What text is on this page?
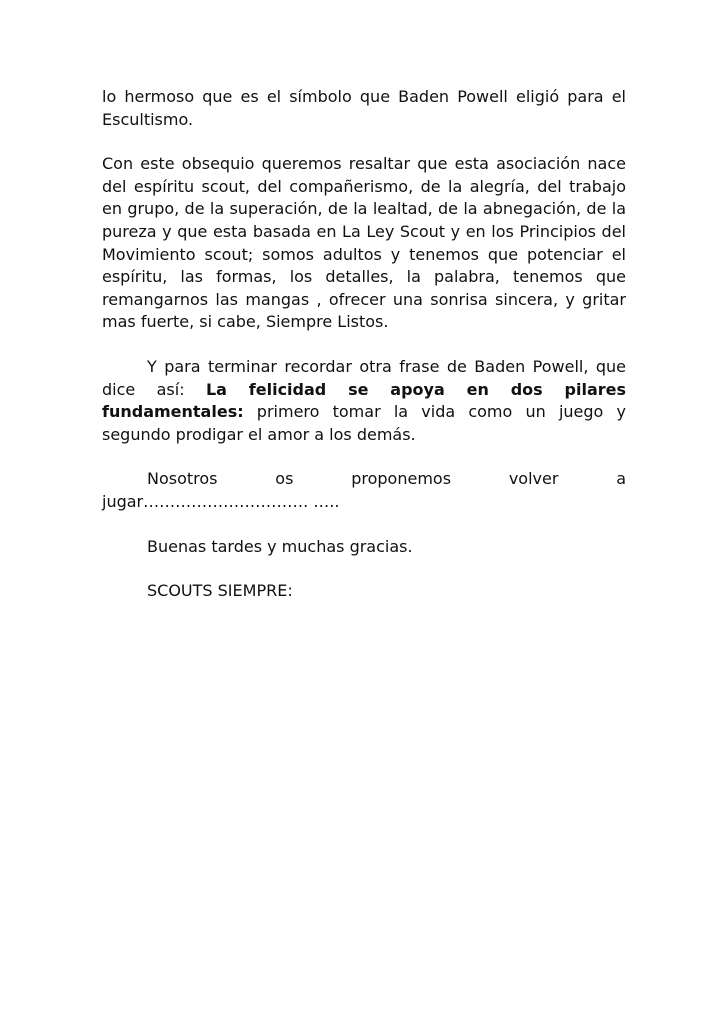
lo hermoso que es el símbolo que Baden Powell eligió para el Escultismo.

Con este obsequio queremos resaltar que esta asociación nace del espíritu scout, del compañerismo, de la alegría, del trabajo en grupo, de la superación, de la lealtad, de la abnegación, de la pureza y que esta basada en La Ley Scout y en los Principios del Movimiento scout; somos adultos y tenemos que potenciar el espíritu, las formas, los detalles, la palabra, tenemos que remangarnos las mangas , ofrecer una sonrisa sincera, y gritar mas fuerte, si cabe, Siempre Listos.

Y para terminar recordar otra frase de Baden Powell, que dice así: La felicidad se apoya en dos pilares fundamentales: primero tomar la vida como un juego y segundo prodigar el amor a los demás.

Nosotros os proponemos volver a jugar…………………………. …..

Buenas tardes y muchas gracias.

SCOUTS SIEMPRE:
